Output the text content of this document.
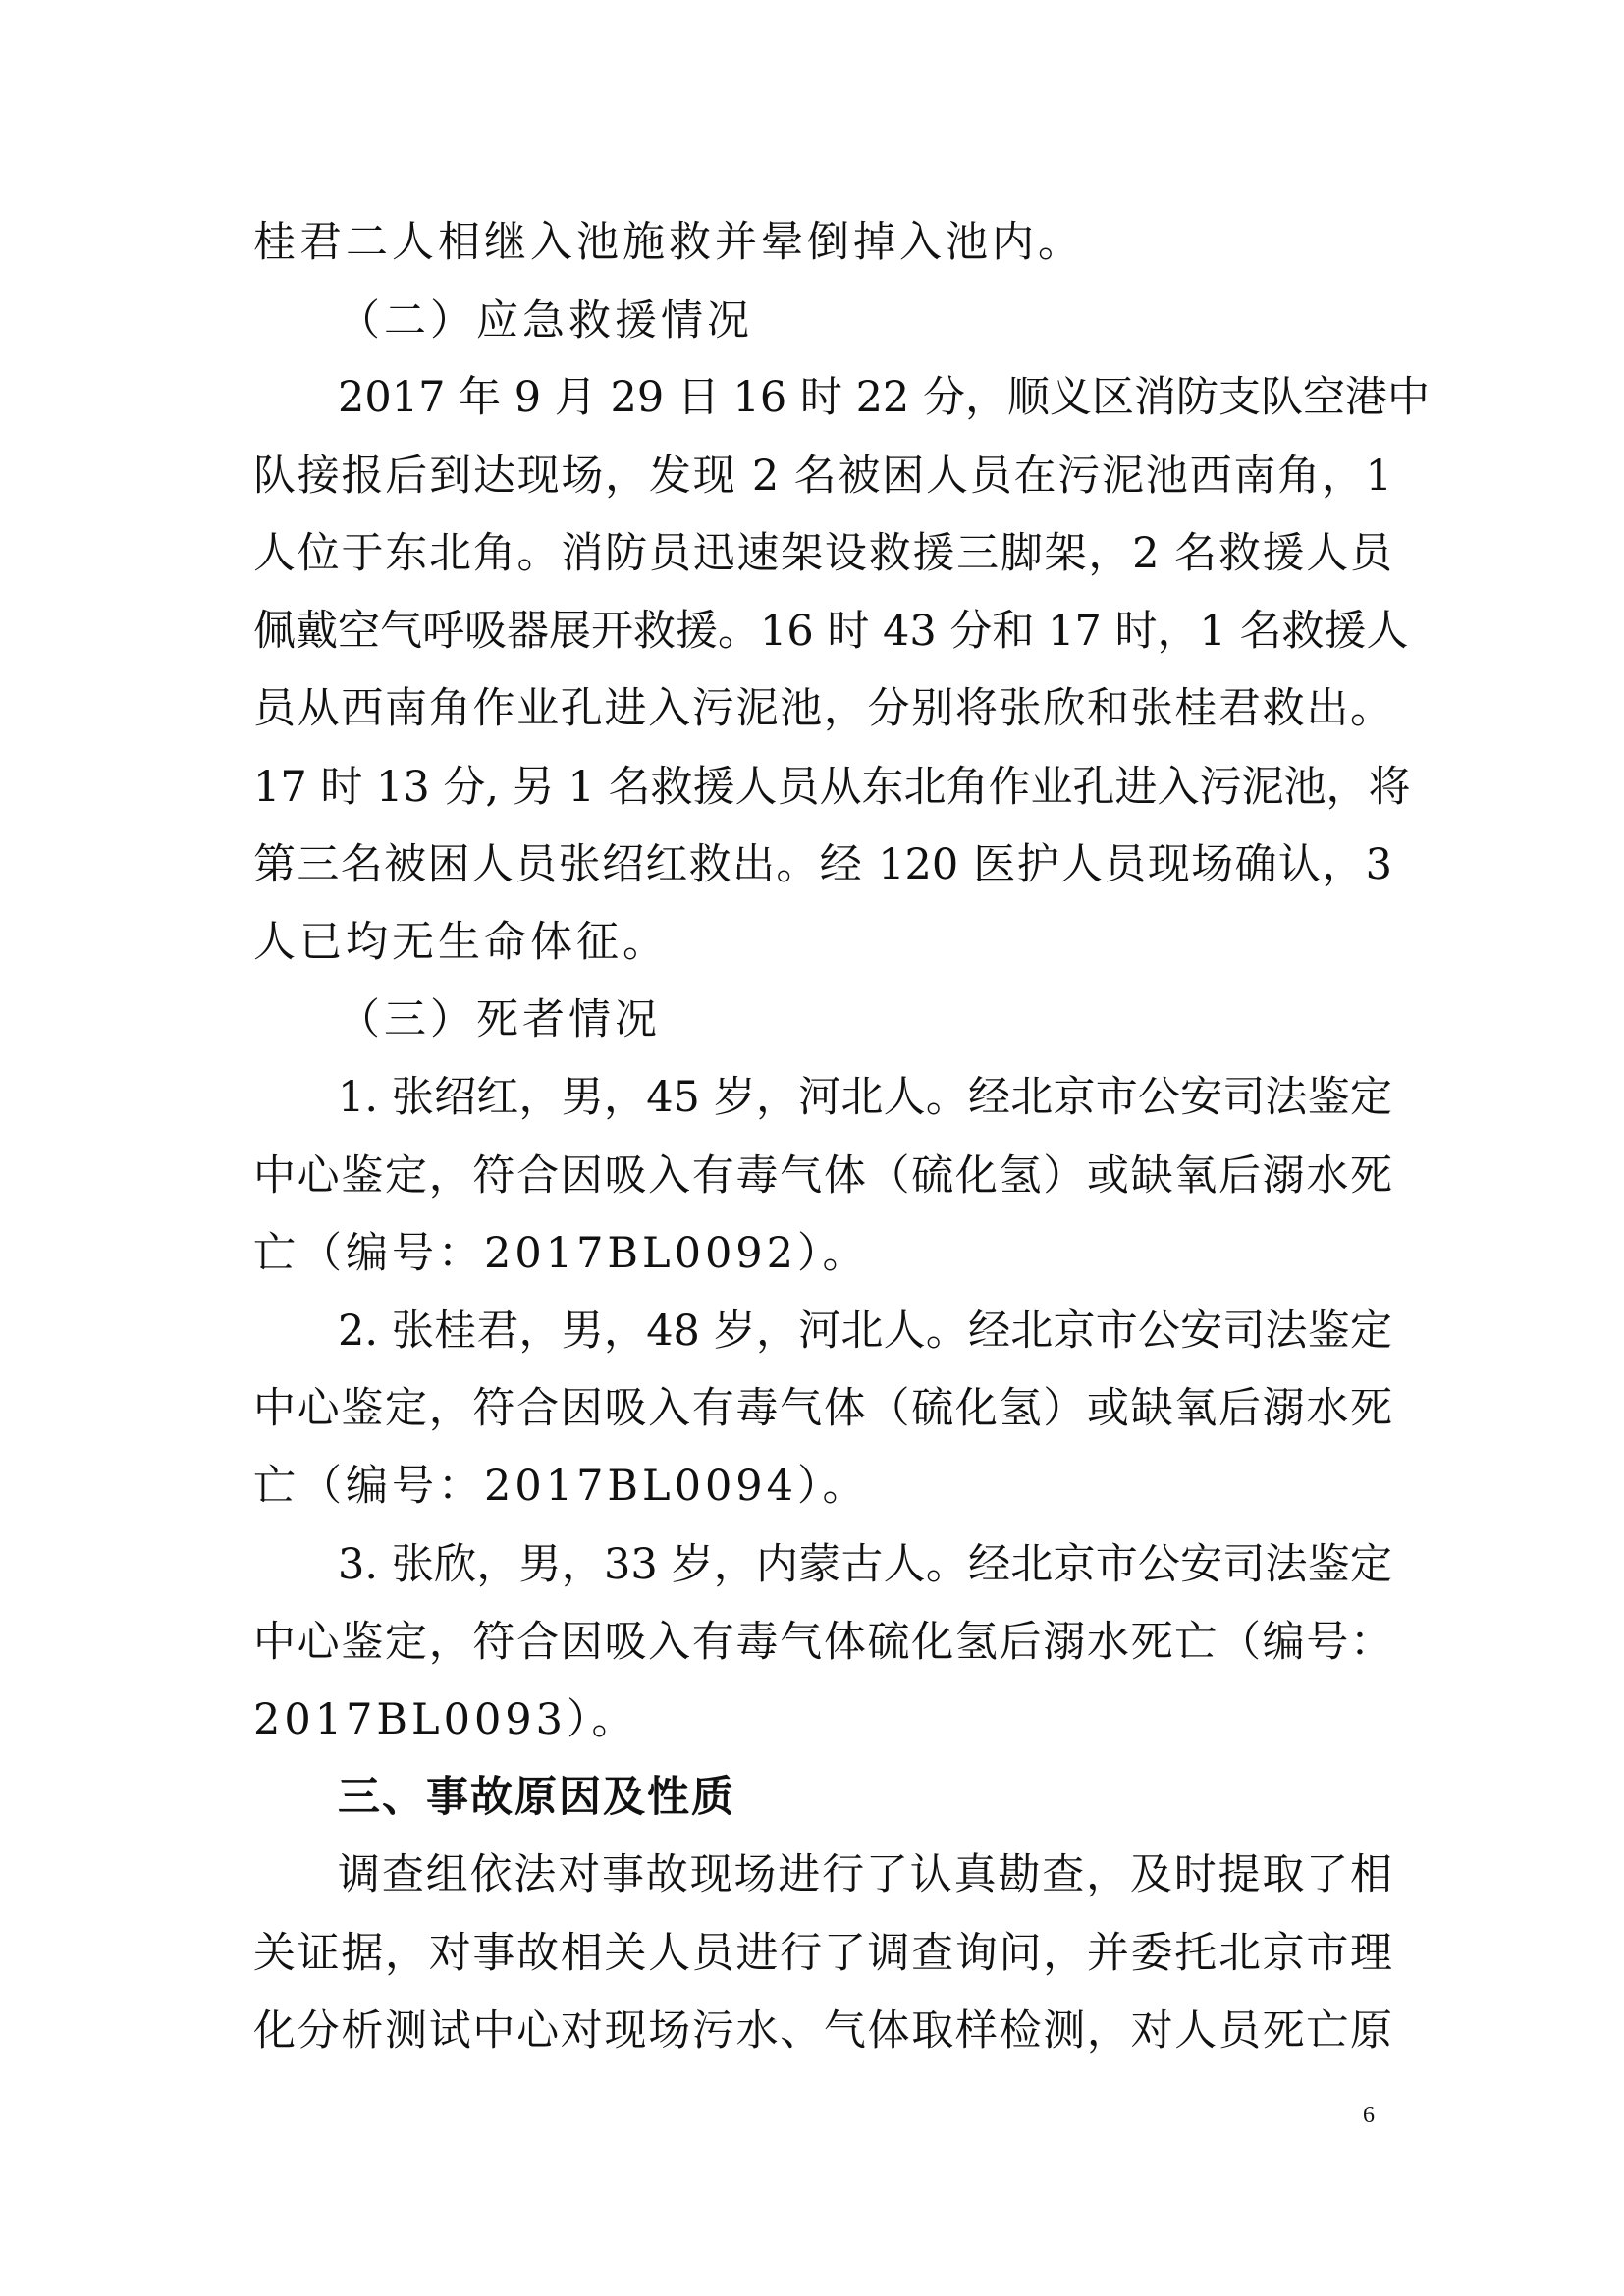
桂君二人相继入池施救并晕倒掉入池内。
（二）应急救援情况
2017 年 9 月 29 日 16 时 22 分，顺义区消防支队空港中
队接报后到达现场，发现 2 名被困人员在污泥池西南角，1
人位于东北角。消防员迅速架设救援三脚架，2 名救援人员
佩戴空气呼吸器展开救援。16 时 43 分和 17 时，1 名救援人
员从西南角作业孔进入污泥池，分别将张欣和张桂君救出。
17 时 13 分, 另 1 名救援人员从东北角作业孔进入污泥池，将
第三名被困人员张绍红救出。经 120 医护人员现场确认，3
人已均无生命体征。
（三）死者情况
1. 张绍红，男，45 岁，河北人。经北京市公安司法鉴定
中心鉴定，符合因吸入有毒气体（硫化氢）或缺氧后溺水死
亡（编号：2017BL0092）。
2. 张桂君，男，48 岁，河北人。经北京市公安司法鉴定
中心鉴定，符合因吸入有毒气体（硫化氢）或缺氧后溺水死
亡（编号：2017BL0094）。
3. 张欣，男，33 岁，内蒙古人。经北京市公安司法鉴定
中心鉴定，符合因吸入有毒气体硫化氢后溺水死亡（编号：
2017BL0093）。
三、事故原因及性质
调查组依法对事故现场进行了认真勘查，及时提取了相
关证据，对事故相关人员进行了调查询问，并委托北京市理
化分析测试中心对现场污水、气体取样检测，对人员死亡原
6
